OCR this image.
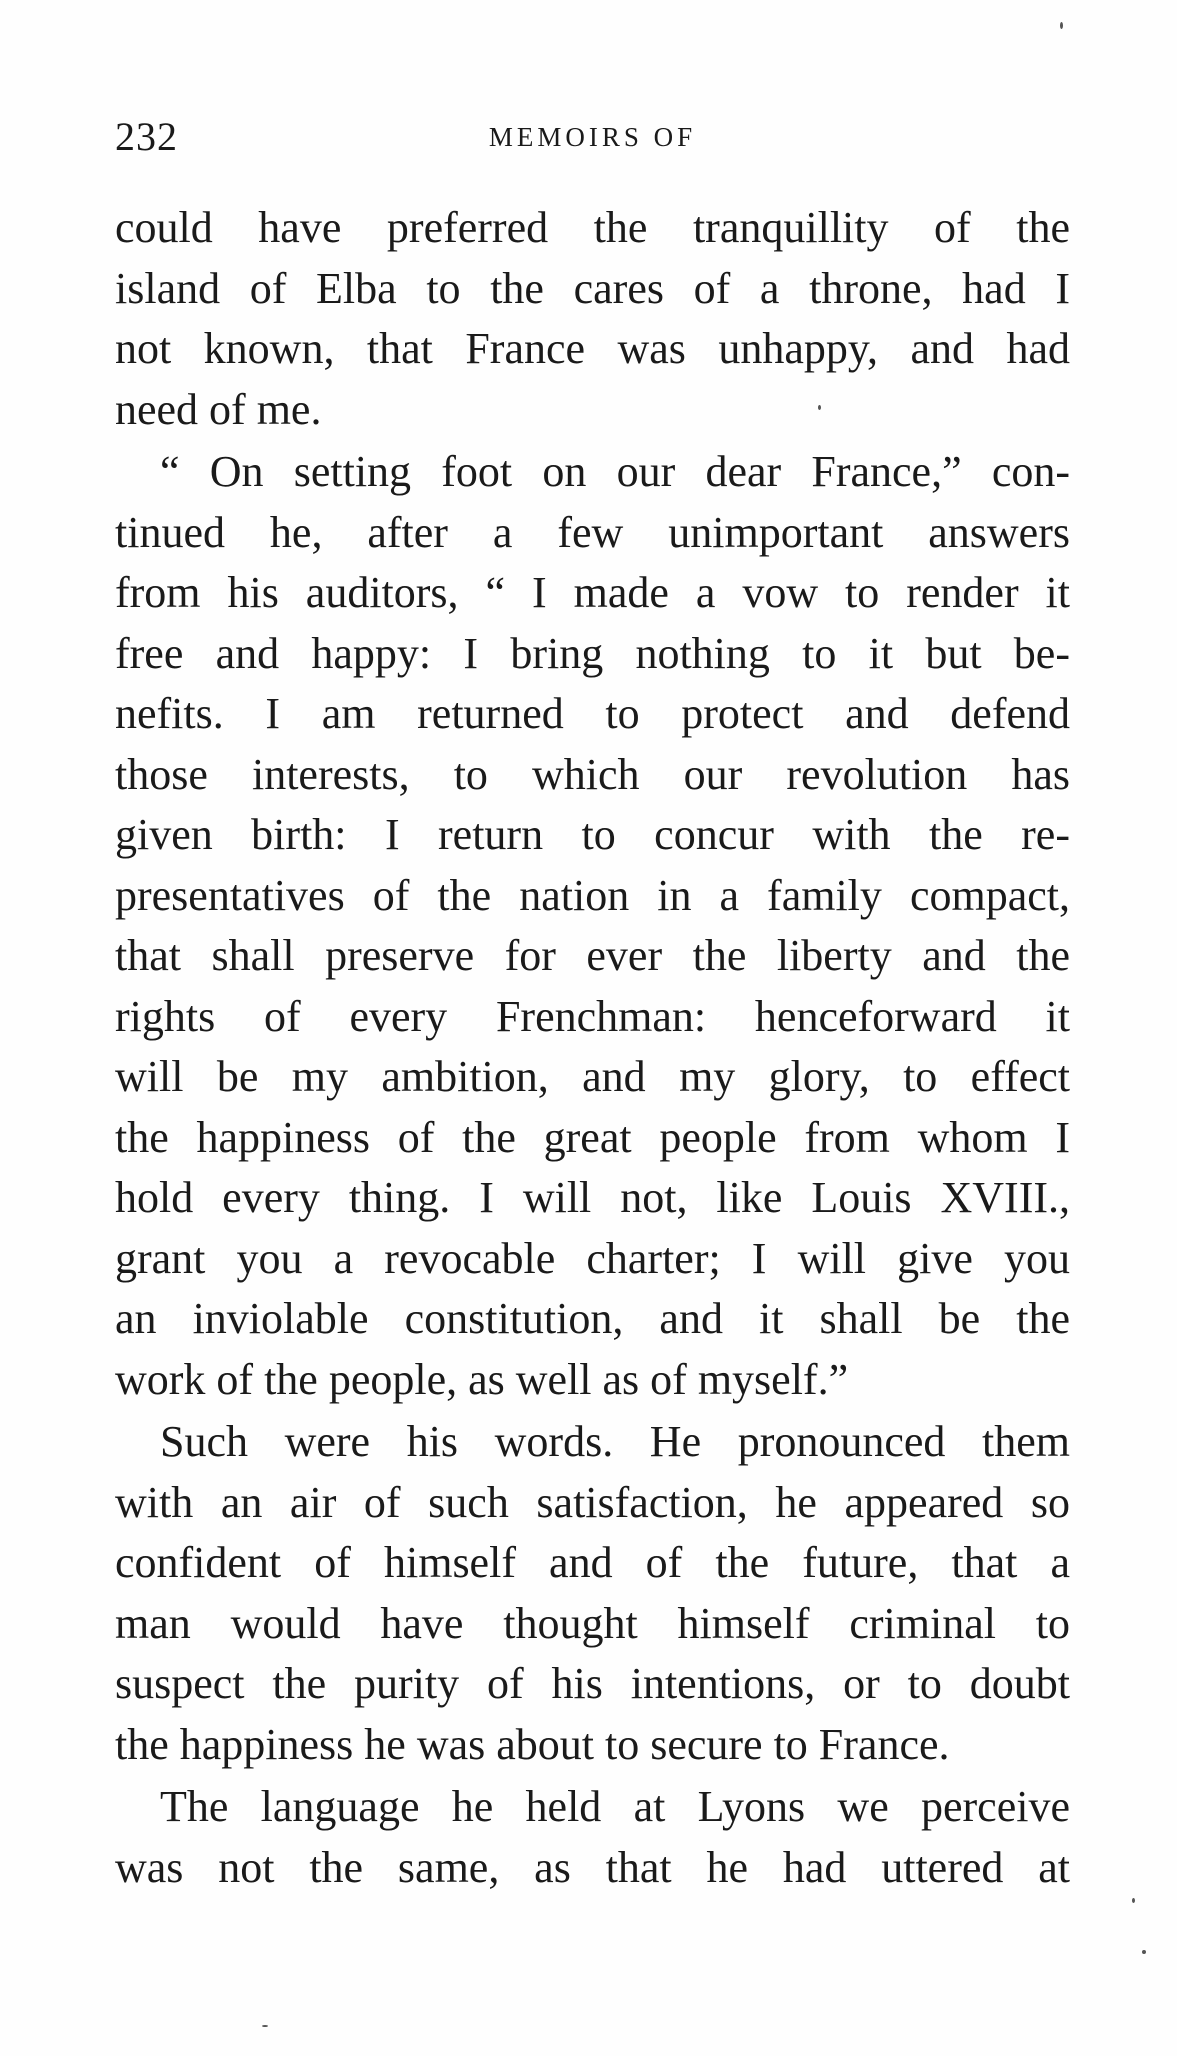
232	MEMOIRS OF
could have preferred the tranquillity of the
island of Elba to the cares of a throne, had I
not known, that France was unhappy, and had
need of me.
“ On setting foot on our dear France,” con-
tinued he, after a few unimportant answers
from his auditors, “ I made a vow to render it
free and happy: I bring nothing to it but be-
nefits. I am returned to protect and defend
those interests, to which our revolution has
given birth: I return to concur with the re-
presentatives of the nation in a family compact,
that shall preserve for ever the liberty and the
rights of every Frenchman: henceforward it
will be my ambition, and my glory, to effect
the happiness of the great people from whom I
hold every thing. I will not, like Louis XVIII.,
grant you a revocable charter; I will give you
an inviolable constitution, and it shall be the
work of the people, as well as of myself.”
Such were his words. He pronounced them
with an air of such satisfaction, he appeared so
confident of himself and of the future, that a
man would have thought himself criminal to
suspect the purity of his intentions, or to doubt
the happiness he was about to secure to France.
The language he held at Lyons we perceive
was not the same, as that he had uttered at
